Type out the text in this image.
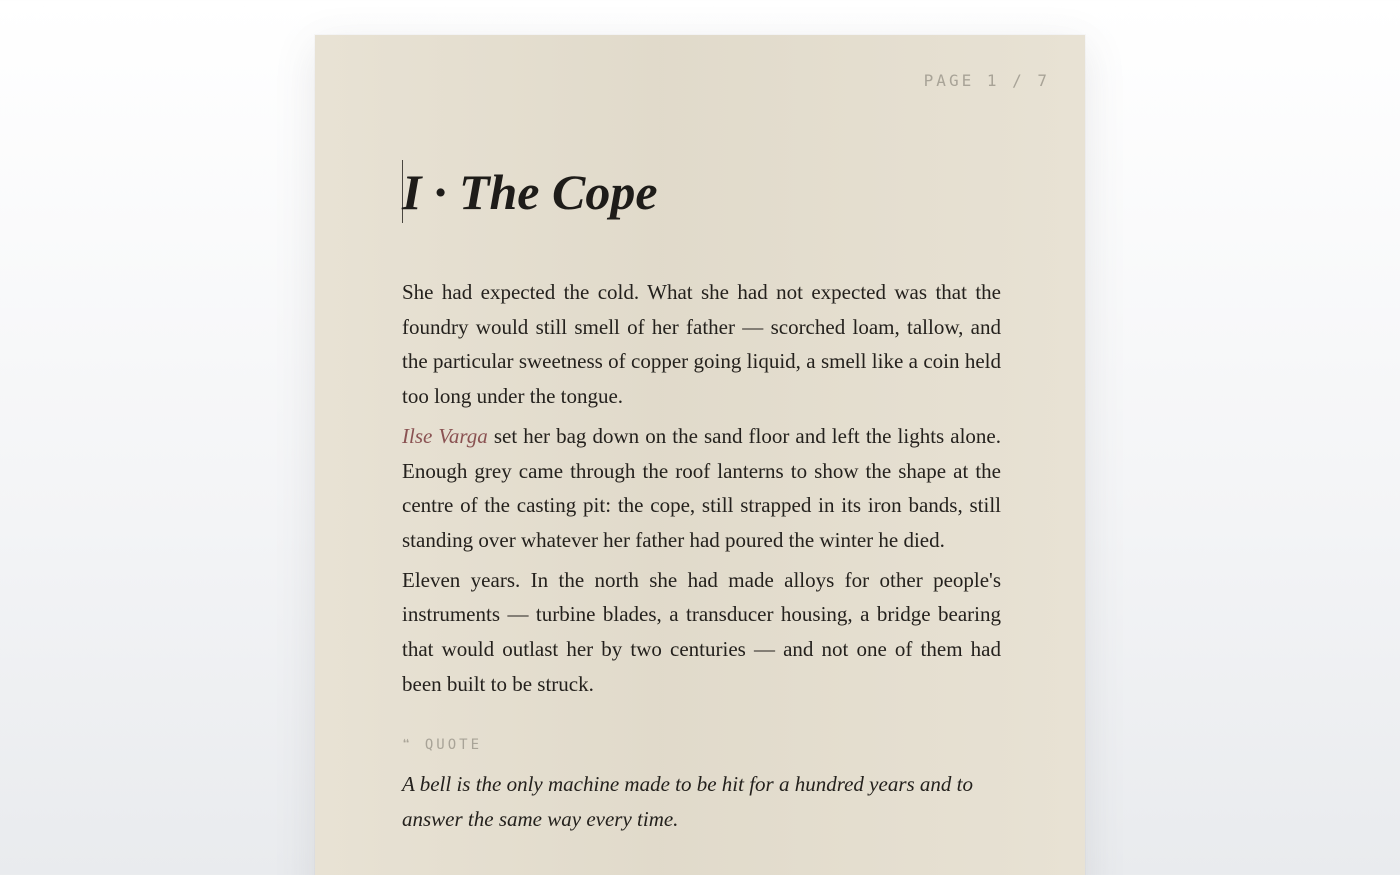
PAGE 1 / 7
I · The Cope

She had expected the cold. What she had not expected was that the foundry would still smell of her father — scorched loam, tallow, and the particular sweetness of copper going liquid, a smell like a coin held too long under the tongue.

Ilse Varga set her bag down on the sand floor and left the lights alone. Enough grey came through the roof lanterns to show the shape at the centre of the casting pit: the cope, still strapped in its iron bands, still standing over whatever her father had poured the winter he died.

Eleven years. In the north she had made alloys for other people's instruments — turbine blades, a transducer housing, a bridge bearing that would outlast her by two centuries — and not one of them had been built to be struck.

❝ QUOTE

A bell is the only machine made to be hit for a hundred years and to answer the same way every time.
